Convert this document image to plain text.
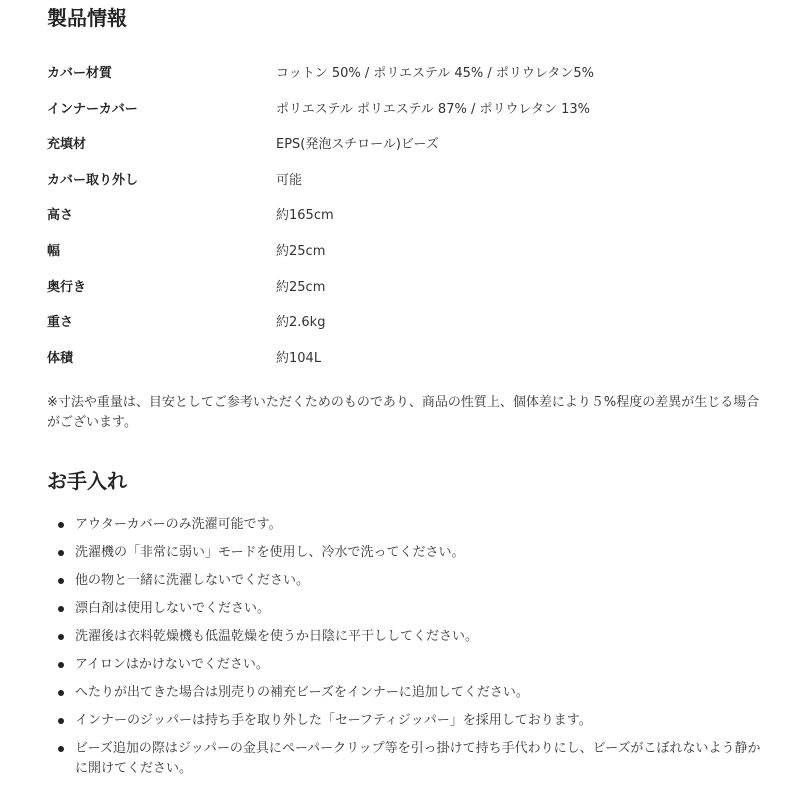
製品情報
カバー材質	コットン 50% / ポリエステル 45% / ポリウレタン5%
インナーカバー	ポリエステル ポリエステル 87% / ポリウレタン 13%
充填材	EPS(発泡スチロール)ビーズ
カバー取り外し	可能
高さ	約165cm
幅	約25cm
奥行き	約25cm
重さ	約2.6kg
体積	約104L

※寸法や重量は、目安としてご参考いただくためのものであり、商品の性質上、個体差により５%程度の差異が生じる場合がございます。

お手入れ
アウターカバーのみ洗濯可能です。
洗濯機の「非常に弱い」モードを使用し、冷水で洗ってください。
他の物と一緒に洗濯しないでください。
漂白剤は使用しないでください。
洗濯後は衣料乾燥機も低温乾燥を使うか日陰に平干ししてください。
アイロンはかけないでください。
へたりが出てきた場合は別売りの補充ビーズをインナーに追加してください。
インナーのジッパーは持ち手を取り外した「セーフティジッパー」を採用しております。
ビーズ追加の際はジッパーの金具にペーパークリップ等を引っ掛けて持ち手代わりにし、ビーズがこぼれないよう静かに開けてください。
